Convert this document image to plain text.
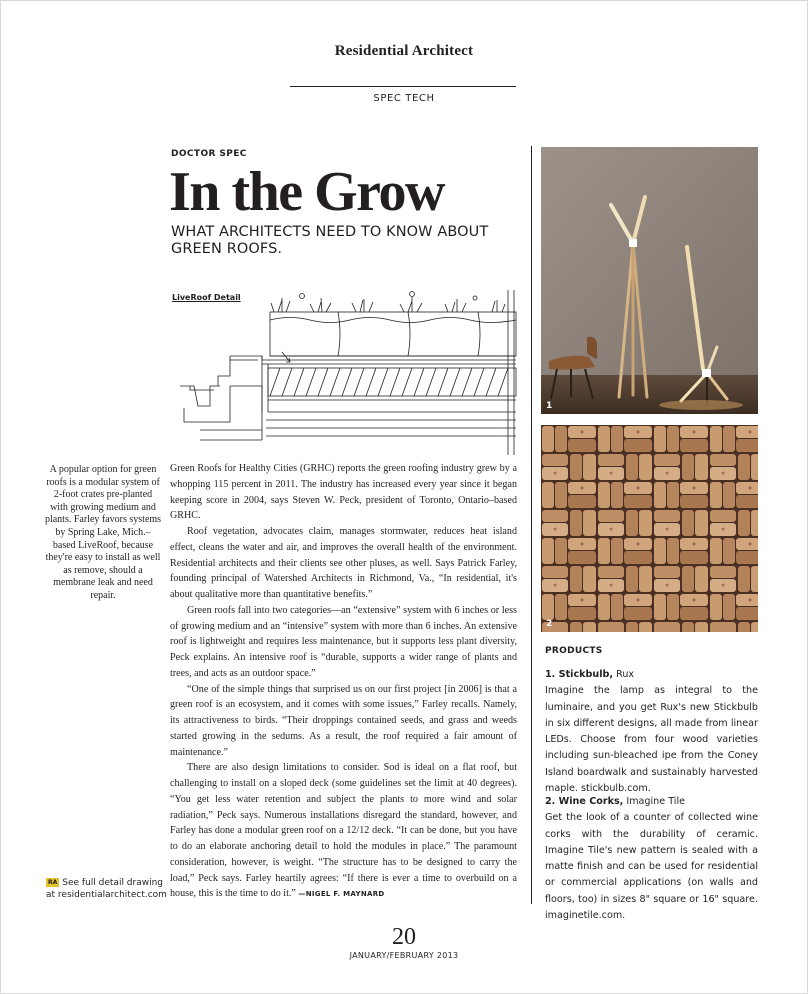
Residential Architect
SPEC TECH
DOCTOR SPEC
In the Grow
WHAT ARCHITECTS NEED TO KNOW ABOUT GREEN ROOFS.
LiveRoof Detail
A popular option for green roofs is a modular system of 2-foot crates pre-planted with growing medium and plants. Farley favors systems by Spring Lake, Mich.–based LiveRoof, because they're easy to install as well as remove, should a membrane leak and need repair.

Green Roofs for Healthy Cities (GRHC) reports the green roofing industry grew by a whopping 115 percent in 2011. The industry has increased every year since it began keeping score in 2004, says Steven W. Peck, president of Toronto, Ontario–based GRHC.

Roof vegetation, advocates claim, manages stormwater, reduces heat island effect, cleans the water and air, and improves the overall health of the environment. Residential architects and their clients see other pluses, as well. Says Patrick Farley, founding principal of Watershed Architects in Richmond, Va., “In residential, it's about qualitative more than quantitative benefits.”

Green roofs fall into two categories—an “extensive” system with 6 inches or less of growing medium and an “intensive” system with more than 6 inches. An extensive roof is lightweight and requires less maintenance, but it supports less plant diversity, Peck explains. An intensive roof is “durable, supports a wider range of plants and trees, and acts as an outdoor space.”

“One of the simple things that surprised us on our first project [in 2006] is that a green roof is an ecosystem, and it comes with some issues,” Farley recalls. Namely, its attractiveness to birds. “Their droppings contained seeds, and grass and weeds started growing in the sedums. As a result, the roof required a fair amount of maintenance.”

There are also design limitations to consider. Sod is ideal on a flat roof, but challenging to install on a sloped deck (some guidelines set the limit at 40 degrees). “You get less water retention and subject the plants to more wind and solar radiation,” Peck says. Numerous installations disregard the standard, however, and Farley has done a modular green roof on a 12/12 deck. “It can be done, but you have to do an elaborate anchoring detail to hold the modules in place.” The paramount consideration, however, is weight. “The structure has to be designed to carry the load,” Peck says. Farley heartily agrees: “If there is ever a time to overbuild on a house, this is the time to do it.” —NIGEL F. MAYNARD

RA See full detail drawing at residentialarchitect.com
1
2
PRODUCTS
1. Stickbulb, Rux
Imagine the lamp as integral to the luminaire, and you get Rux's new Stickbulb in six different designs, all made from linear LEDs. Choose from four wood varieties including sun-bleached ipe from the Coney Island boardwalk and sustainably harvested maple. stickbulb.com.
2. Wine Corks, Imagine Tile
Get the look of a counter of collected wine corks with the durability of ceramic. Imagine Tile's new pattern is sealed with a matte finish and can be used for residential or commercial applications (on walls and floors, too) in sizes 8" square or 16" square. imaginetile.com.
20
JANUARY/FEBRUARY 2013
